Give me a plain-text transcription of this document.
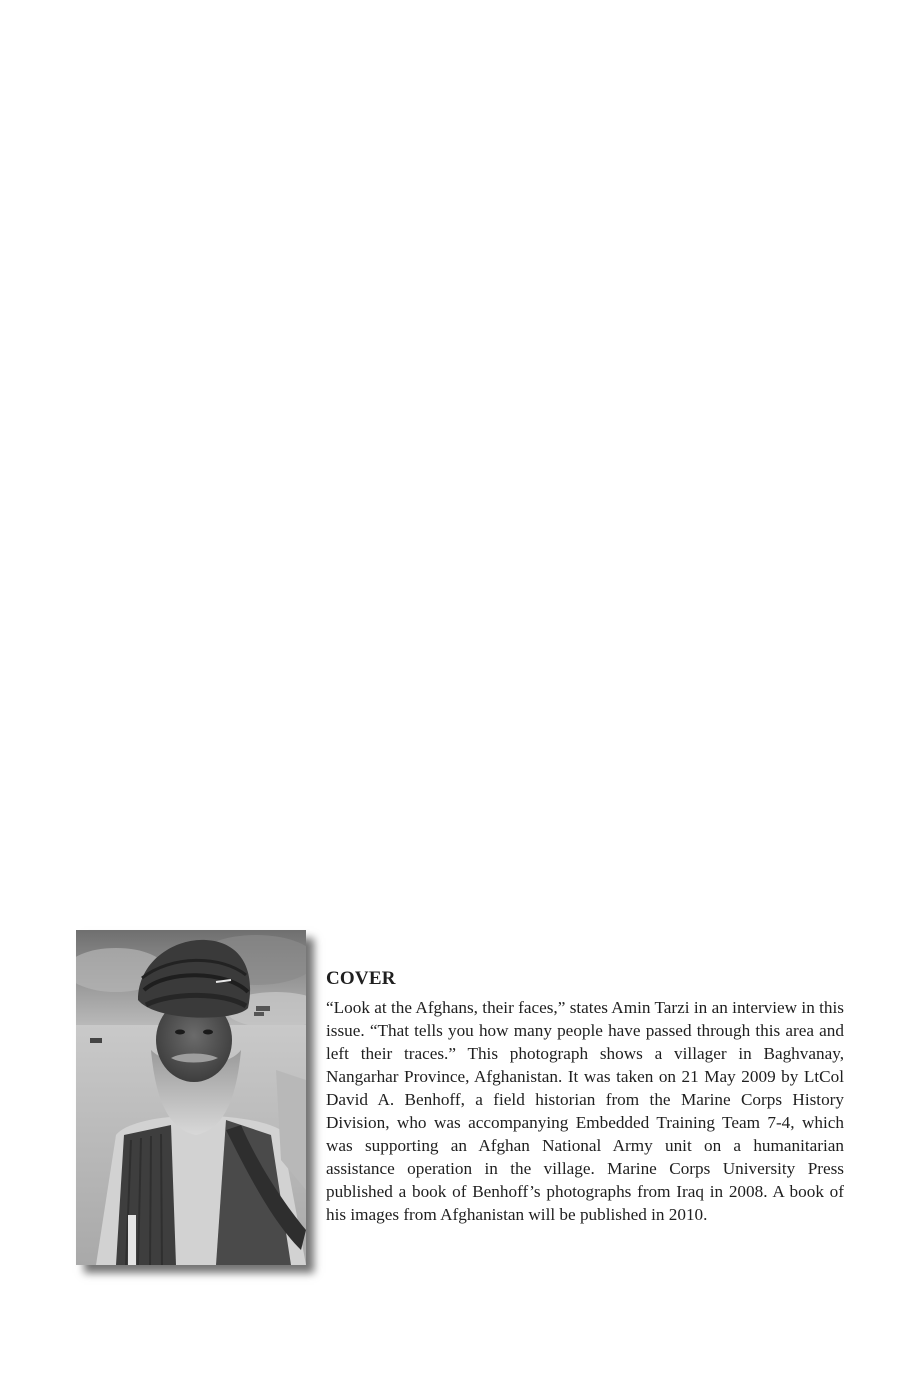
COVER

“Look at the Afghans, their faces,” states Amin Tarzi in an interview in this issue. “That tells you how many people have passed through this area and left their traces.” This photograph shows a villager in Baghvanay, Nangarhar Province, Afghanistan. It was taken on 21 May 2009 by LtCol David A. Benhoff, a field historian from the Marine Corps History Division, who was accompanying Embedded Training Team 7-4, which was supporting an Afghan National Army unit on a humanitarian assistance operation in the village. Marine Corps University Press published a book of Benhoff’s photographs from Iraq in 2008. A book of his images from Afghanistan will be published in 2010.
